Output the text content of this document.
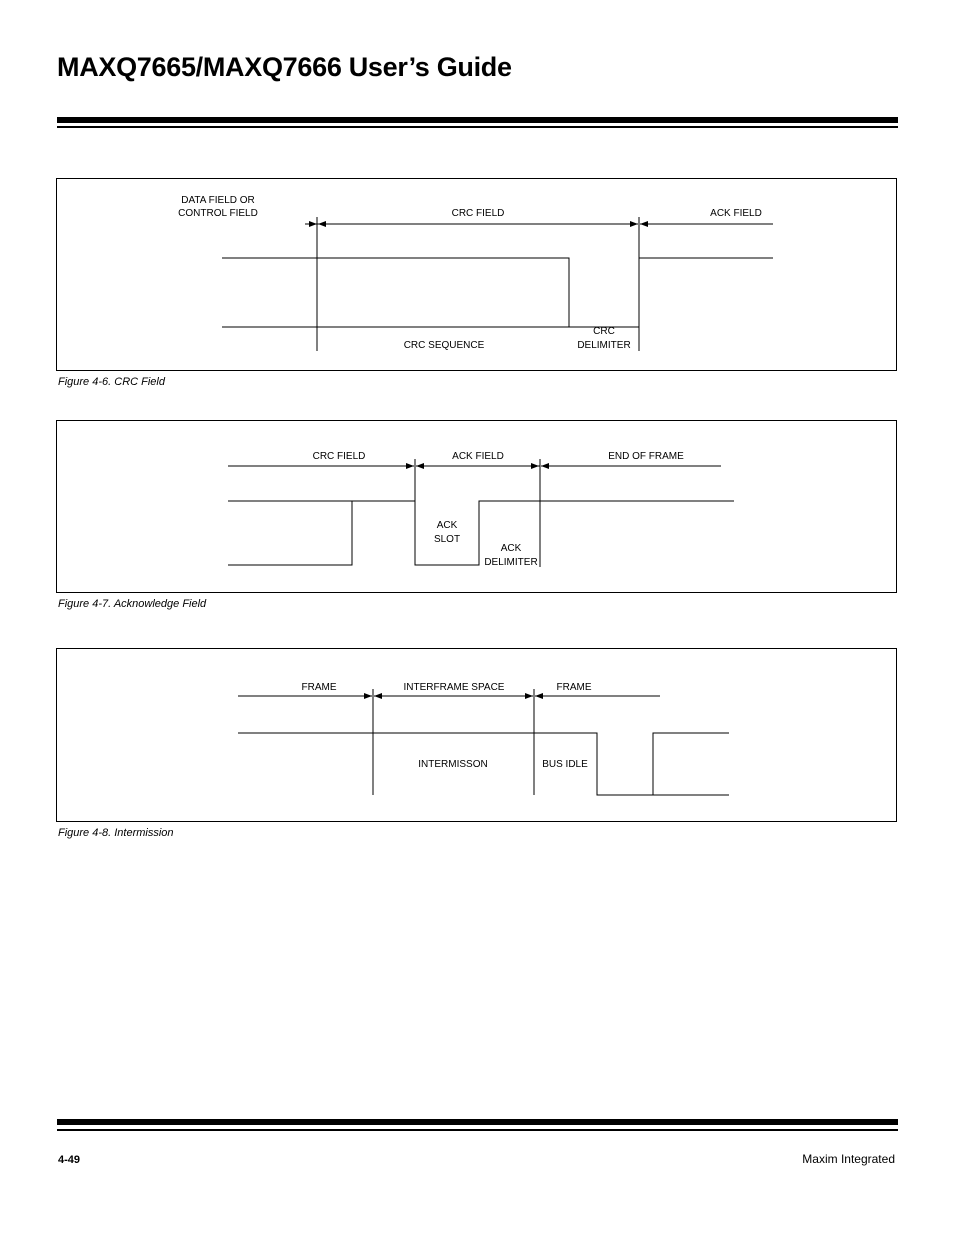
MAXQ7665/MAXQ7666 User’s Guide
DATA FIELD OR
CONTROL FIELD	CRC FIELD	ACK FIELD
CRC SEQUENCE
CRC
DELIMITER
Figure 4-6. CRC Field
CRC FIELD	ACK FIELD	END OF FRAME
ACK
SLOT
ACK
DELIMITER
Figure 4-7. Acknowledge Field
FRAME	INTERFRAME SPACE	FRAME
INTERMISSON	BUS IDLE
Figure 4-8. Intermission
4-49	Maxim Integrated
